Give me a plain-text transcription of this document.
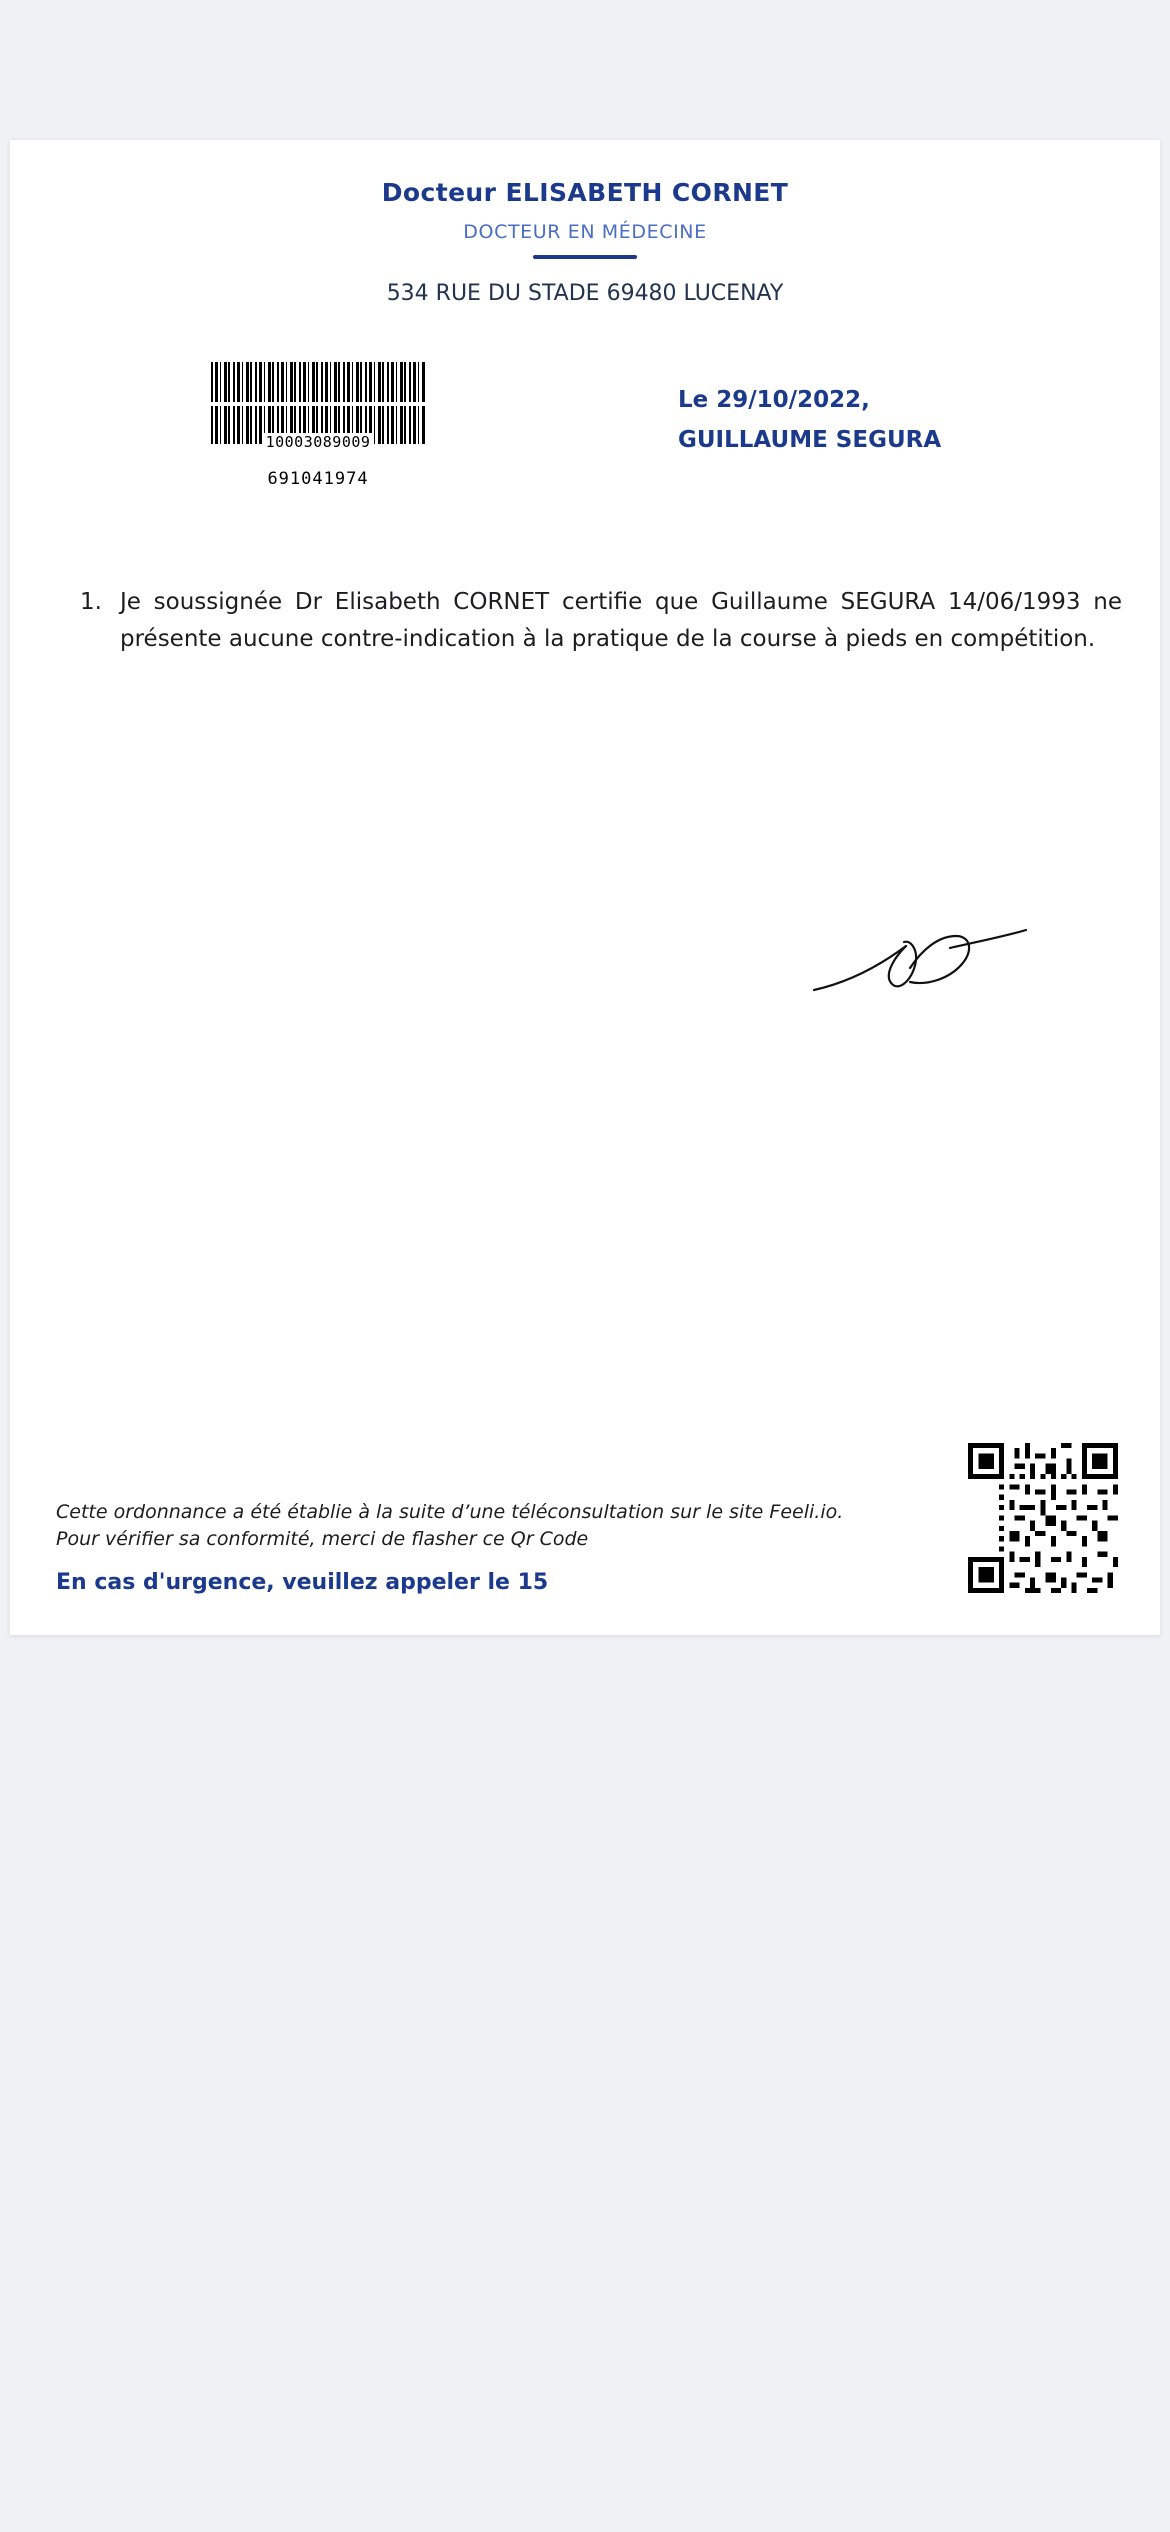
Docteur ELISABETH CORNET
DOCTEUR EN MÉDECINE
534 RUE DU STADE 69480 LUCENAY
10003089009
691041974
Le 29/10/2022,
GUILLAUME SEGURA
1. Je soussignée Dr Elisabeth CORNET certifie que Guillaume SEGURA 14/06/1993 ne présente aucune contre-indication à la pratique de la course à pieds en compétition.
Cette ordonnance a été établie à la suite d’une téléconsultation sur le site Feeli.io. Pour vérifier sa conformité, merci de flasher ce Qr Code
En cas d'urgence, veuillez appeler le 15
